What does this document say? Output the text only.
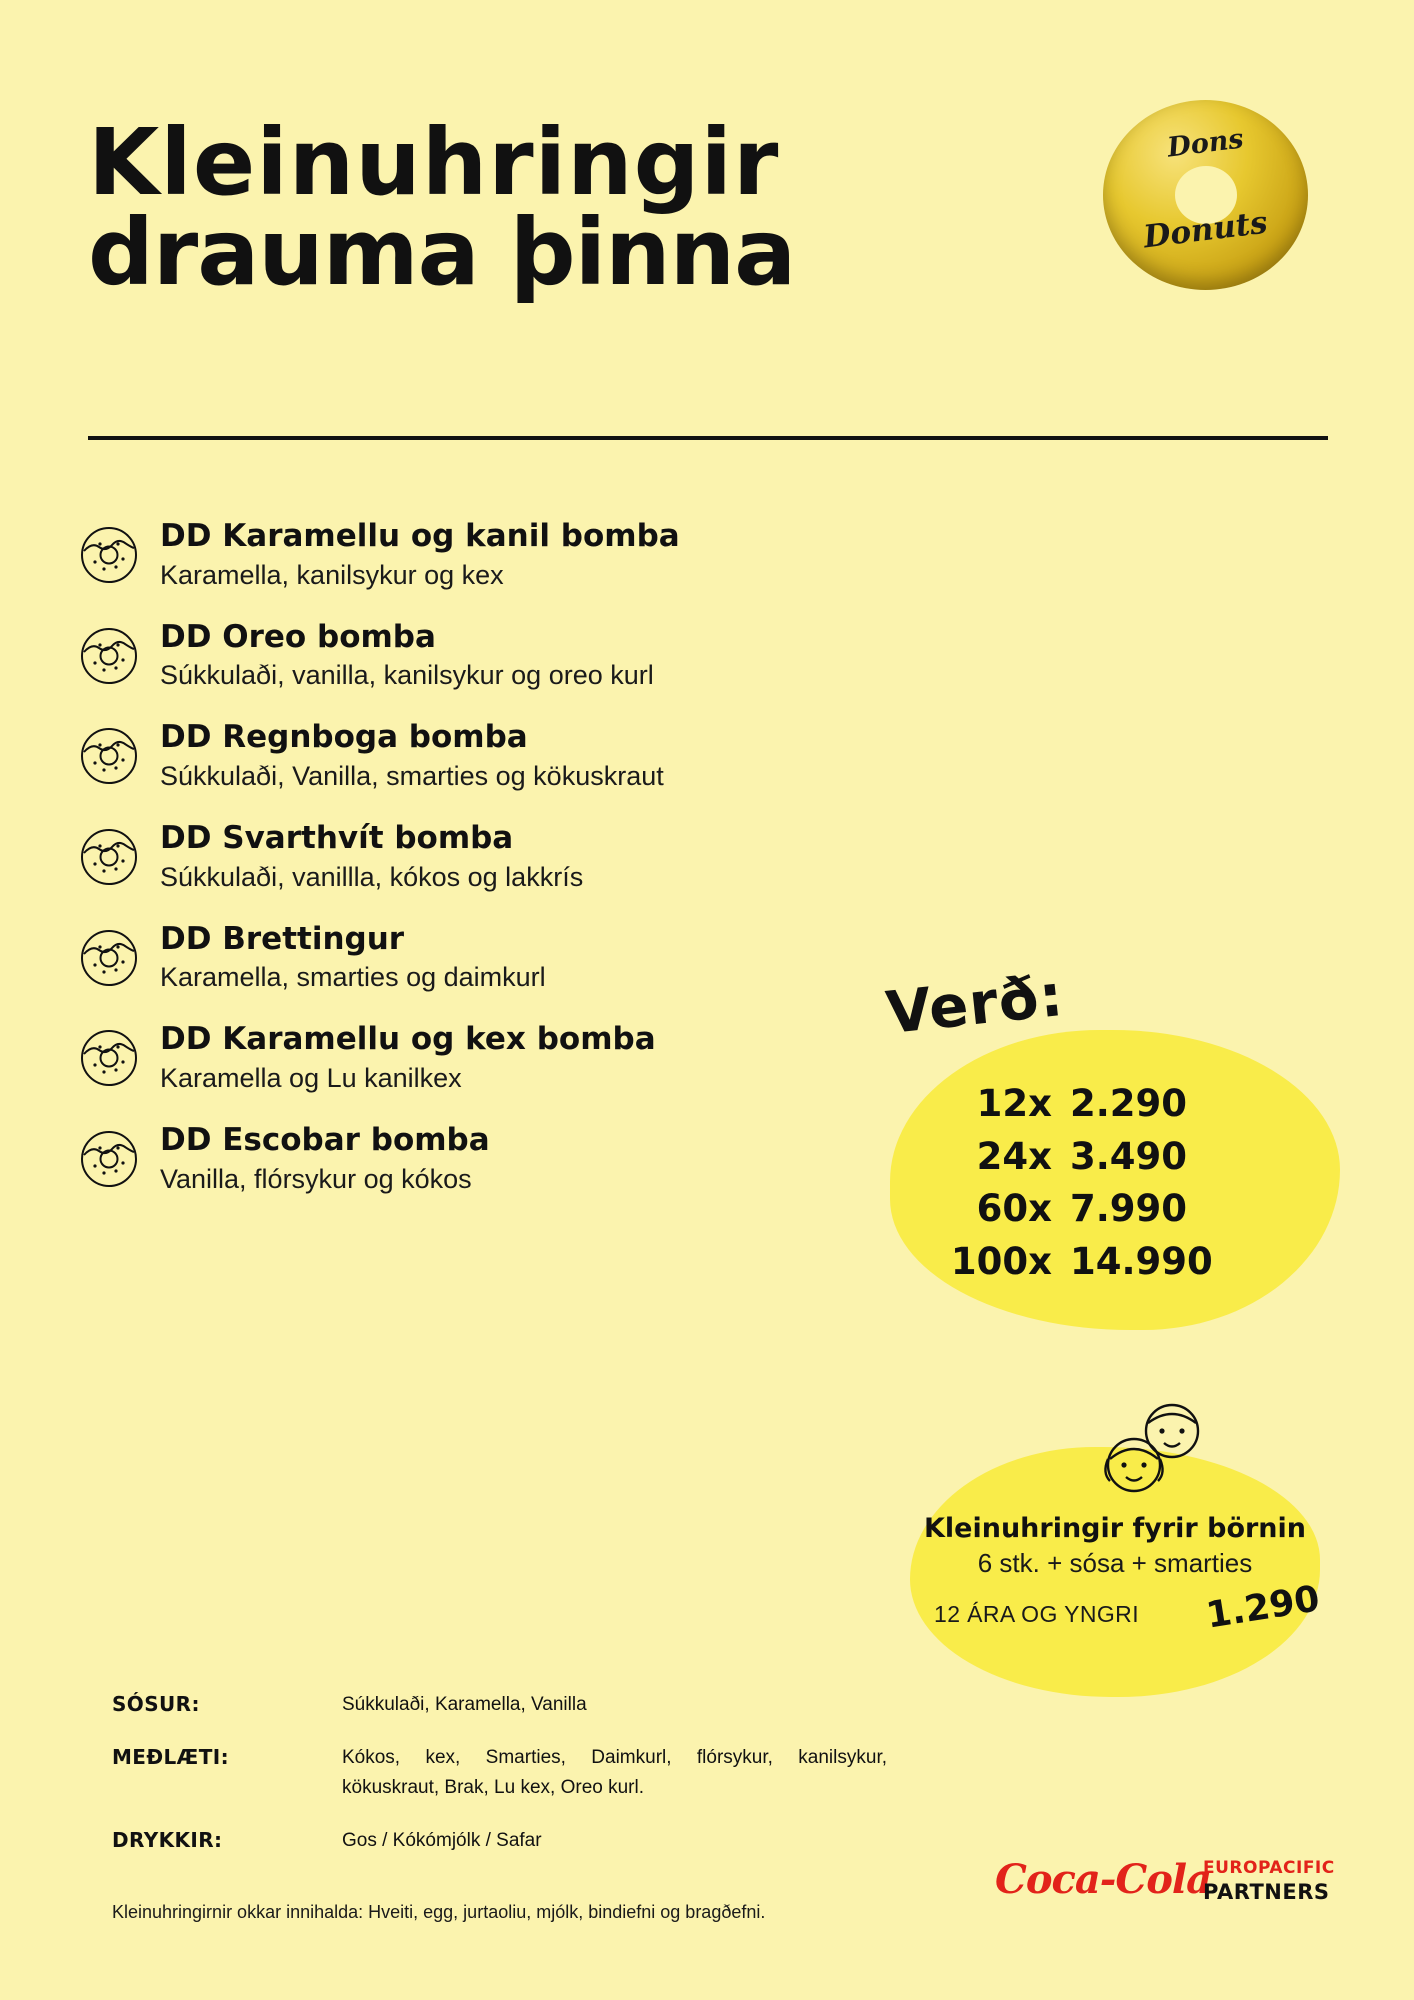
Kleinuhringir
drauma þinna
Dons
Donuts
DD Karamellu og kanil bomba
Karamella, kanilsykur og kex
DD Oreo bomba
Súkkulaði, vanilla, kanilsykur og oreo kurl
DD Regnboga bomba
Súkkulaði, Vanilla, smarties og kökuskraut
DD Svarthvít bomba
Súkkulaði, vanillla, kókos og lakkrís
DD Brettingur
Karamella, smarties og daimkurl
DD Karamellu og kex bomba
Karamella og Lu kanilkex
DD Escobar bomba
Vanilla, flórsykur og kókos
Verð:
12x 2.290
24x 3.490
60x 7.990
100x 14.990
Kleinuhringir fyrir börnin
6 stk. + sósa + smarties
12 ÁRA OG YNGRI 1.290
SÓSUR:	Súkkulaði, Karamella, Vanilla
MEÐLÆTI:	Kókos, kex, Smarties, Daimkurl, flórsykur, kanilsykur, kökuskraut, Brak, Lu kex, Oreo kurl.
DRYKKIR:	Gos / Kókómjólk / Safar
Kleinuhringirnir okkar innihalda: Hveiti, egg, jurtaoliu, mjólk, bindiefni og bragðefni.
Coca-Cola
EUROPACIFIC
PARTNERS
